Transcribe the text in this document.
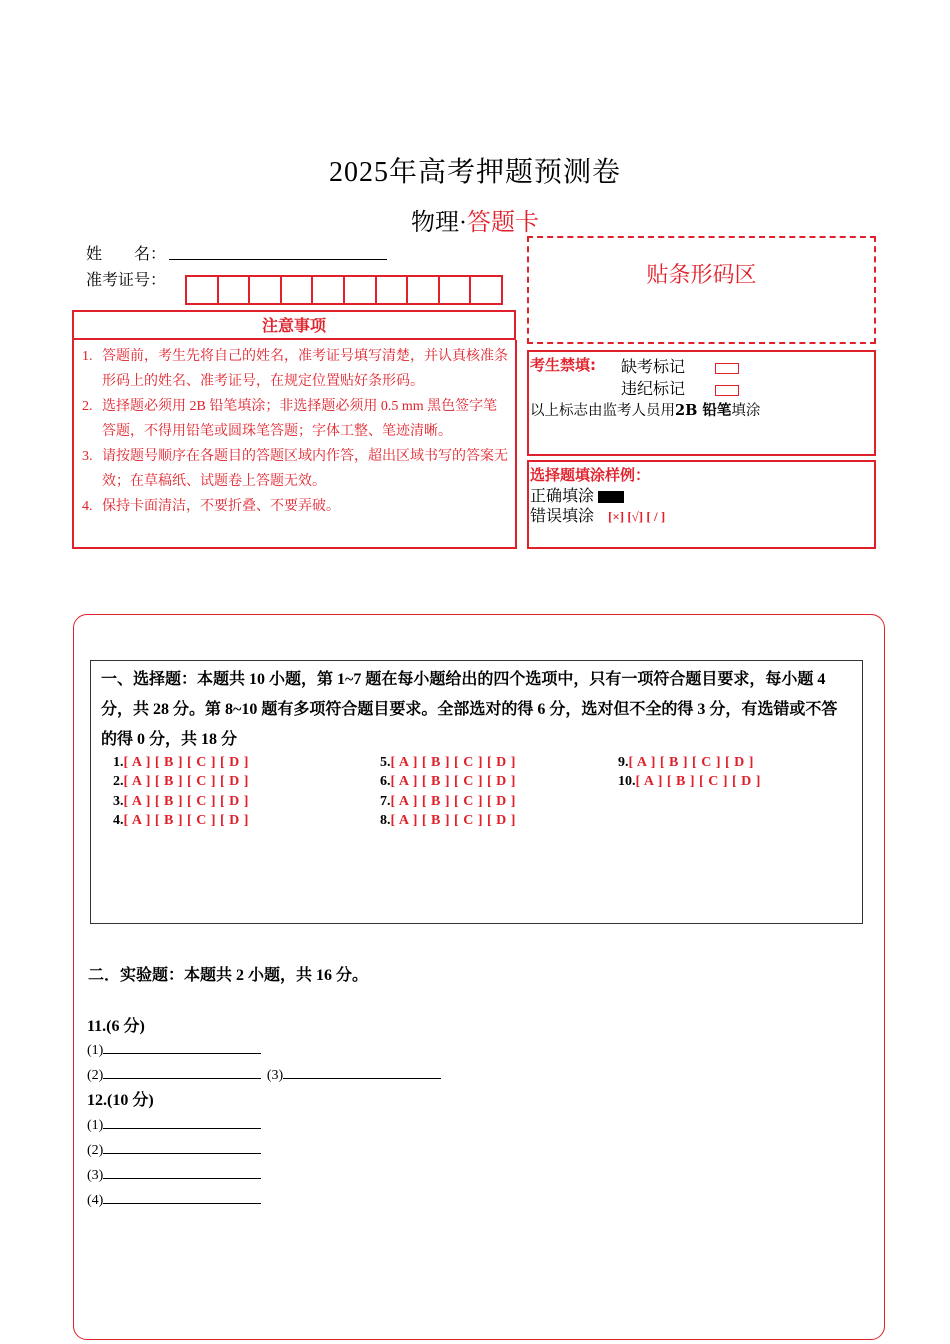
2025年高考押题预测卷
物理·答题卡
姓　　名：
准考证号：
注意事项
1. 答题前，考生先将自己的姓名，准考证号填写清楚，并认真核准条形码上的姓名、准考证号，在规定位置贴好条形码。
2. 选择题必须用 2B 铅笔填涂；非选择题必须用 0.5 mm 黑色签字笔答题，不得用铅笔或圆珠笔答题；字体工整、笔迹清晰。
3. 请按题号顺序在各题目的答题区域内作答，超出区域书写的答案无效；在草稿纸、试题卷上答题无效。
4. 保持卡面清洁，不要折叠、不要弄破。
贴条形码区
考生禁填: 缺考标记
违纪标记
以上标志由监考人员用2B 铅笔填涂
选择题填涂样例：
正确填涂
错误填涂 [×] [√] [ / ]
一、选择题：本题共 10 小题，第 1~7 题在每小题给出的四个选项中，只有一项符合题目要求，每小题 4 分，共 28 分。第 8~10 题有多项符合题目要求。全部选对的得 6 分，选对但不全的得 3 分，有选错或不答的得 0 分，共 18 分
1.[ A ] [ B ] [ C ] [ D ]
2.[ A ] [ B ] [ C ] [ D ]
3.[ A ] [ B ] [ C ] [ D ]
4.[ A ] [ B ] [ C ] [ D ]
5.[ A ] [ B ] [ C ] [ D ]
6.[ A ] [ B ] [ C ] [ D ]
7.[ A ] [ B ] [ C ] [ D ]
8.[ A ] [ B ] [ C ] [ D ]
9.[ A ] [ B ] [ C ] [ D ]
10.[ A ] [ B ] [ C ] [ D ]
二．实验题：本题共 2 小题，共 16 分。
11.(6 分)
(1)
(2)	(3)
12.(10 分)
(1)
(2)
(3)
(4)
